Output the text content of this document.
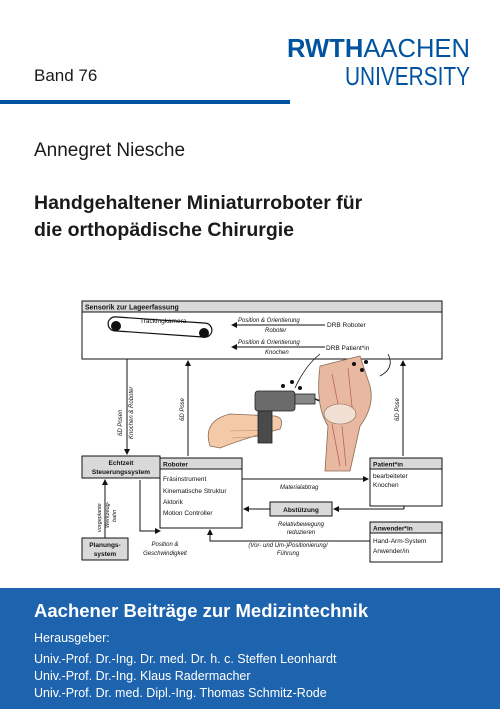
Band 76
RWTHAACHEN
UNIVERSITY
Annegret Niesche
Handgehaltener Miniaturroboter für
die orthopädische Chirurgie
Sensorik zur Lageerfassung
Trackingkamera	Position & Orientierung
Roboter
DRB Roboter
Position & Orientierung
Knochen
DRB Patient*in
6D Posen Knochen & Roboter	6D Pose	6D Pose
Echtzeit
Steuerungssystem
Roboter
Fräsinstrument
Kinematische Struktur
Aktorik
Motion Controller
Patient*in
bearbeiteter
Knochen
Materialabtrag
Abstützung
Relativbewegung
reduzieren
Anwender*in
Hand-Arm-System
Anwender/in
(Vor- und Um-)Positionierung/
Führung
Planungs-
system
vorgeplante Werkzeug- bahn
Position &
Geschwindigkeit
Aachener Beiträge zur Medizintechnik
Herausgeber:
Univ.-Prof. Dr.-Ing. Dr. med. Dr. h. c. Steffen Leonhardt
Univ.-Prof. Dr.-Ing. Klaus Radermacher
Univ.-Prof. Dr. med. Dipl.-Ing. Thomas Schmitz-Rode
